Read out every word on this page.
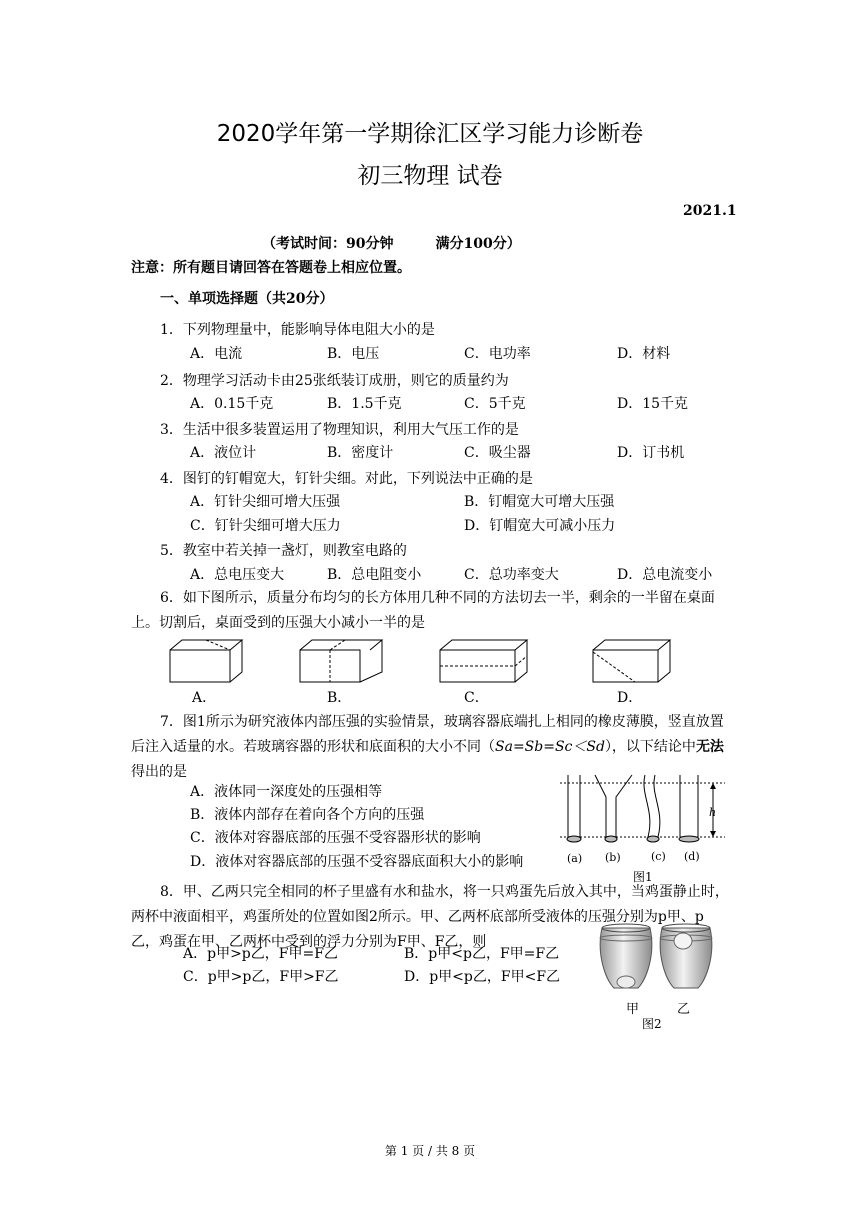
2020学年第一学期徐汇区学习能力诊断卷
初三物理 试卷
2021.1
（考试时间：90分钟　　　满分100分）
注意：所有题目请回答在答题卷上相应位置。
一、单项选择题（共20分）
1．下列物理量中，能影响导体电阻大小的是
A．电流	B．电压	C．电功率	D．材料
2．物理学习活动卡由25张纸装订成册，则它的质量约为
A．0.15千克	B．1.5千克	C．5千克	D．15千克
3．生活中很多装置运用了物理知识，利用大气压工作的是
A．液位计	B．密度计	C．吸尘器	D．订书机
4．图钉的钉帽宽大，钉针尖细。对此，下列说法中正确的是
A．钉针尖细可增大压强	B．钉帽宽大可增大压强
C．钉针尖细可增大压力	D．钉帽宽大可减小压力
5．教室中若关掉一盏灯，则教室电路的
A．总电压变大	B．总电阻变小	C．总功率变大	D．总电流变小
6．如下图所示，质量分布均匀的长方体用几种不同的方法切去一半，剩余的一半留在桌面上。切割后，桌面受到的压强大小减小一半的是
A．	B．	C．	D．
7．图1所示为研究液体内部压强的实验情景，玻璃容器底端扎上相同的橡皮薄膜，竖直放置后注入适量的水。若玻璃容器的形状和底面积的大小不同（Sa=Sb=Sc＜Sd），以下结论中无法得出的是
A．液体同一深度处的压强相等
B．液体内部存在着向各个方向的压强
C．液体对容器底部的压强不受容器形状的影响
D．液体对容器底部的压强不受容器底面积大小的影响
h
(a) (b)	(c) (d)
图1
8．甲、乙两只完全相同的杯子里盛有水和盐水，将一只鸡蛋先后放入其中，当鸡蛋静止时，两杯中液面相平，鸡蛋所处的位置如图2所示。甲、乙两杯底部所受液体的压强分别为p甲、p乙，鸡蛋在甲、乙两杯中受到的浮力分别为F甲、F乙，则
A．p甲>p乙，F甲=F乙	B．p甲<p乙，F甲=F乙
C．p甲>p乙，F甲>F乙	D．p甲<p乙，F甲<F乙
甲	乙
图2
第 1 页 / 共 8 页
